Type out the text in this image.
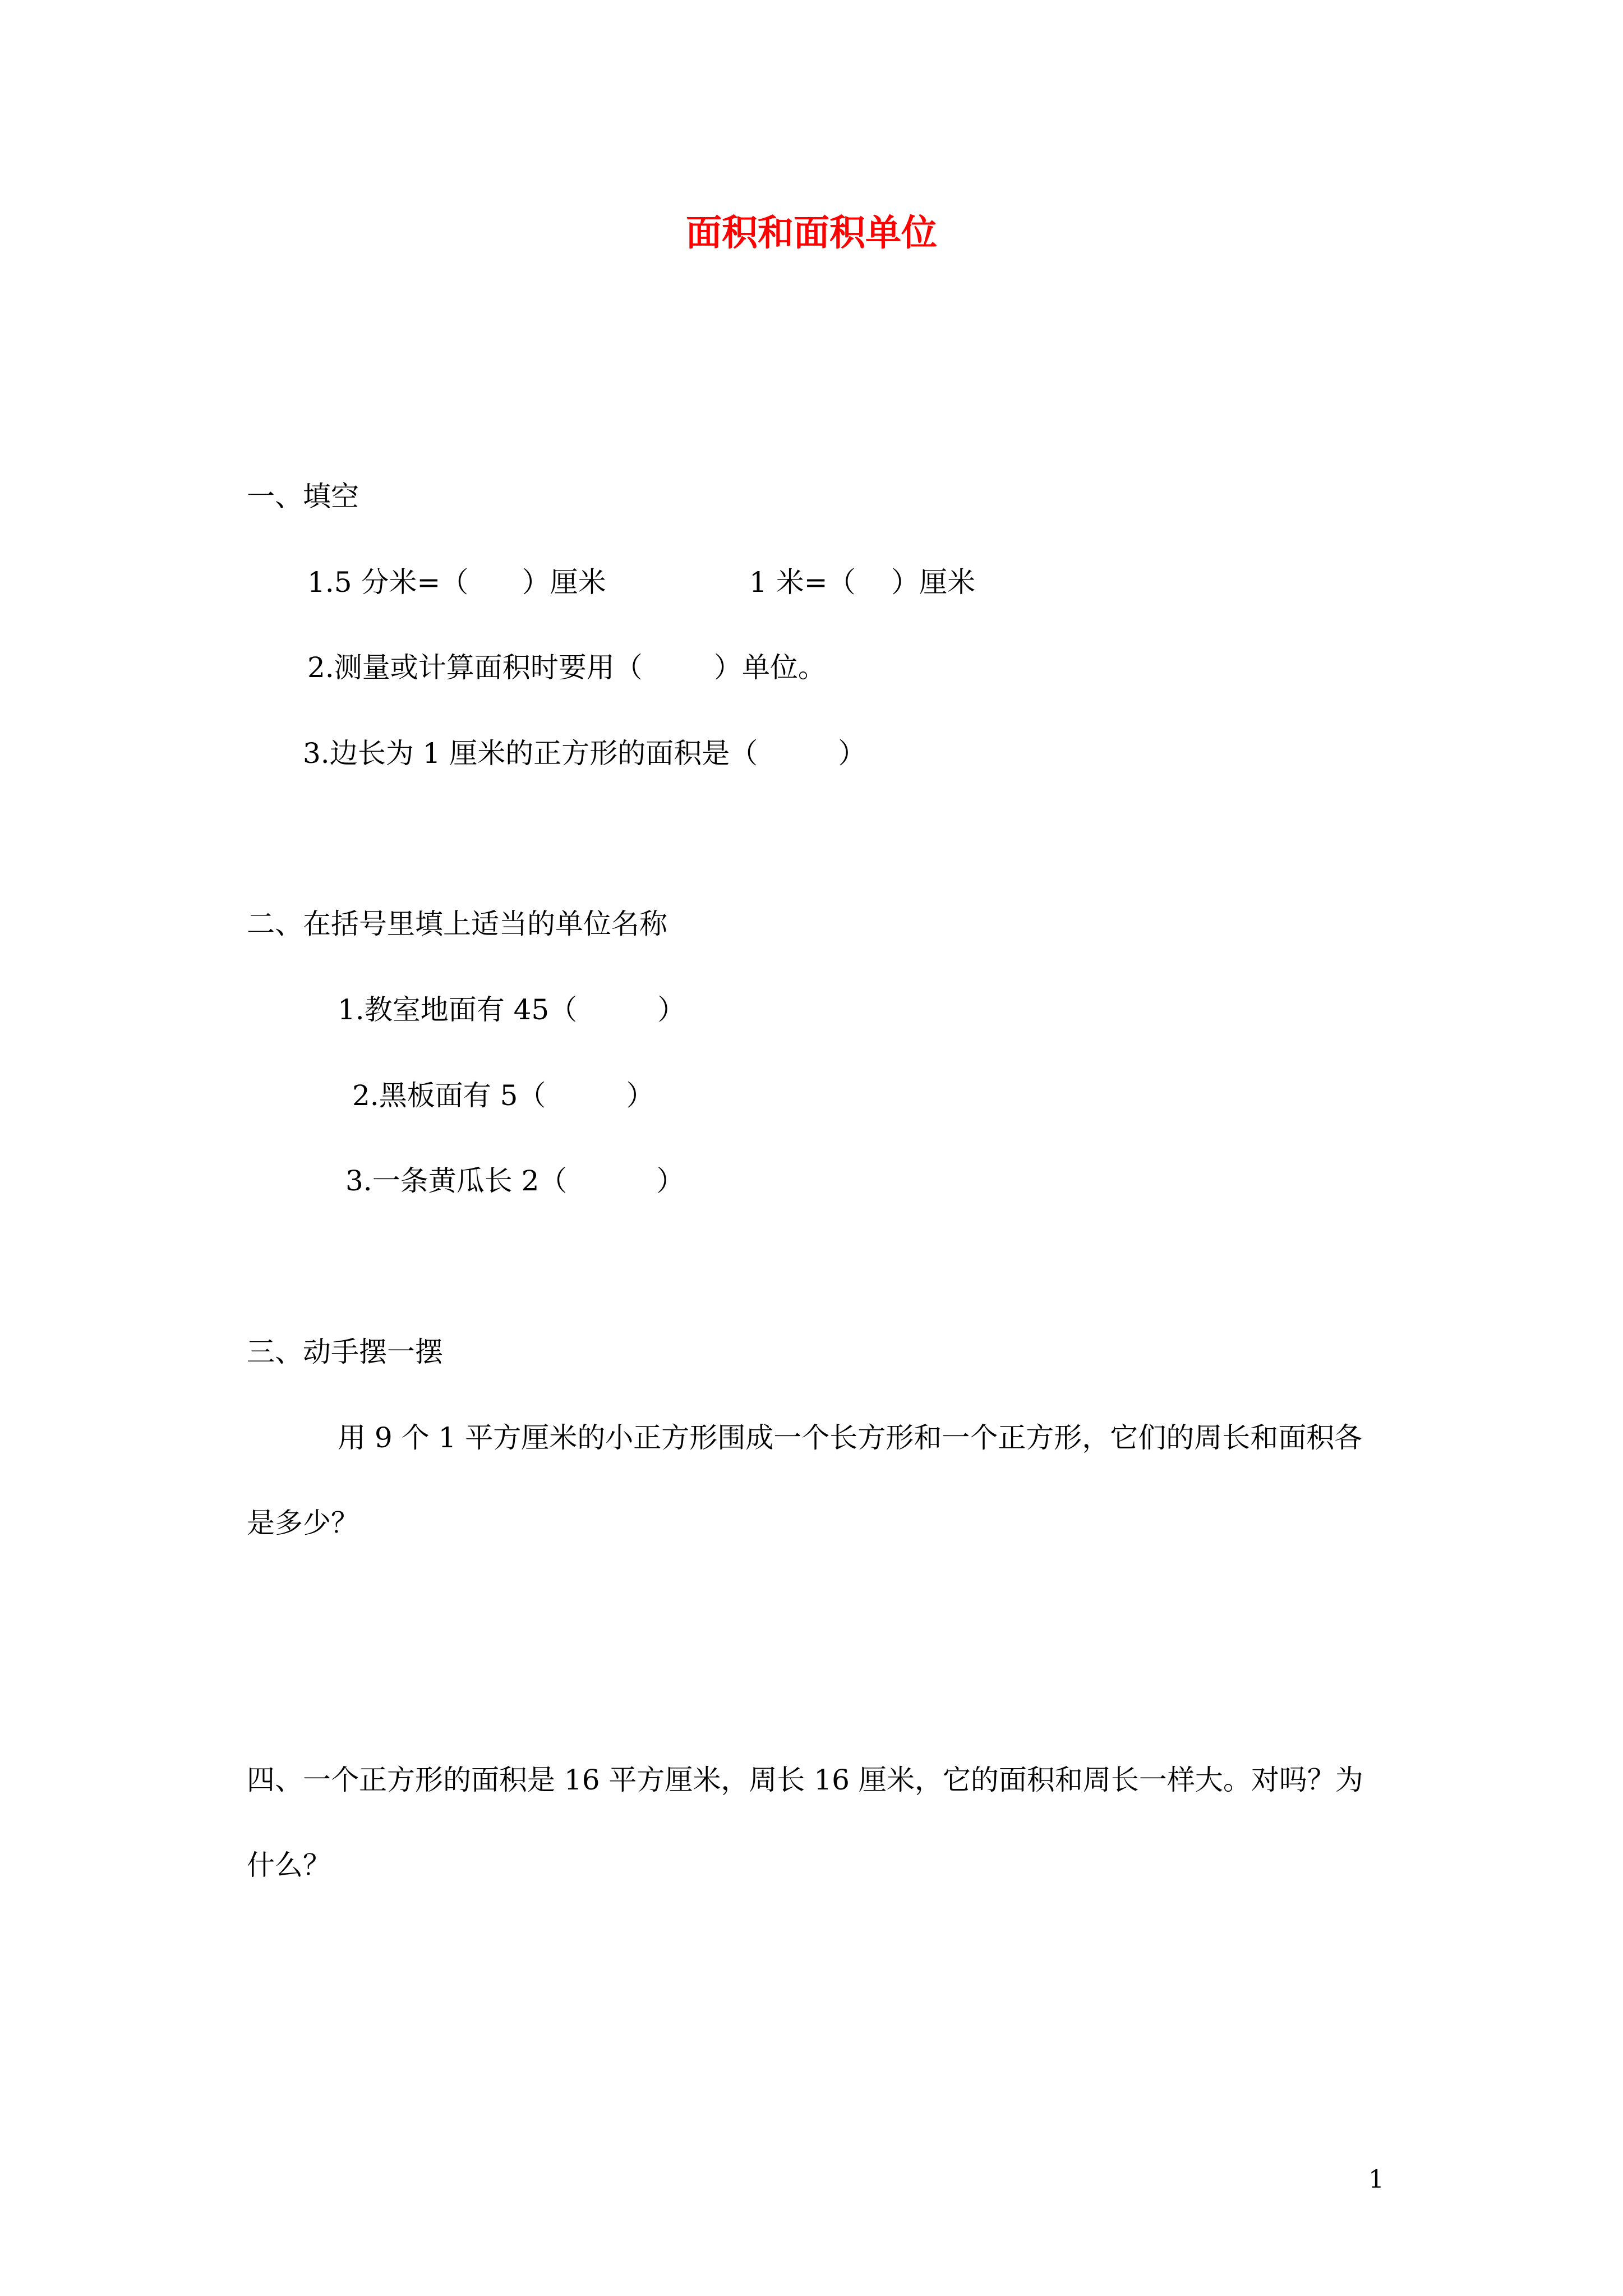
面积和面积单位
一、填空
1.5 分米=（      ）厘米	1 米=（    ）厘米
2.测量或计算面积时要用（        ）单位。
3.边长为 1 厘米的正方形的面积是（         ）
二、在括号里填上适当的单位名称
1.教室地面有 45（         ）
2.黑板面有 5（         ）
3.一条黄瓜长 2（          ）
三、动手摆一摆
用 9 个 1 平方厘米的小正方形围成一个长方形和一个正方形，它们的周长和面积各
是多少？
四、一个正方形的面积是 16 平方厘米，周长 16 厘米，它的面积和周长一样大。对吗？为
什么？
1
